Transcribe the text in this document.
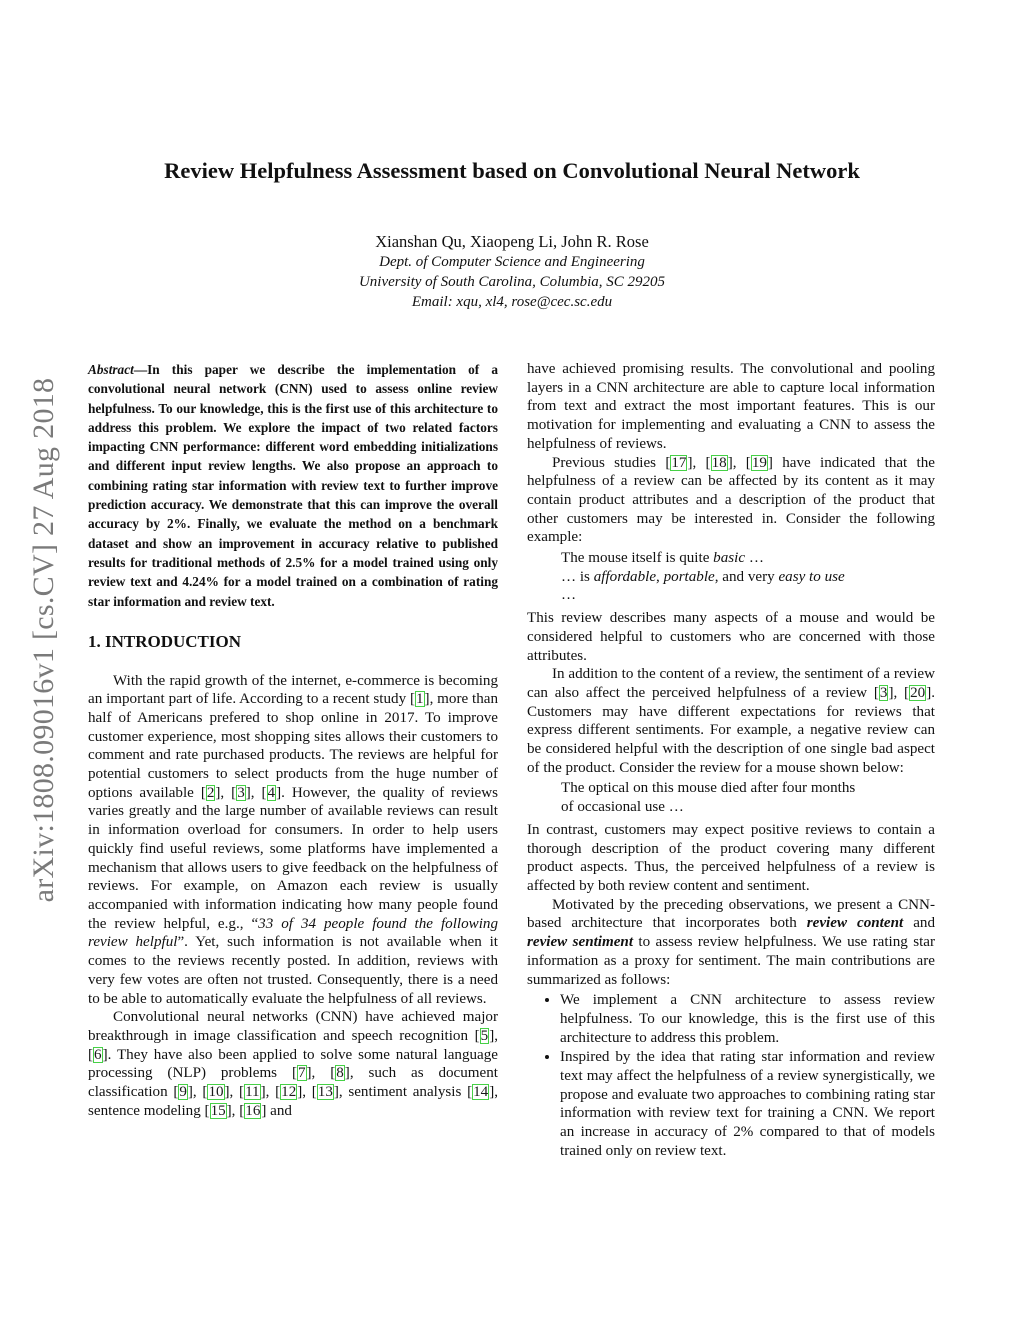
arXiv:1808.09016v1 [cs.CV] 27 Aug 2018
Review Helpfulness Assessment based on Convolutional Neural Network
Xianshan Qu, Xiaopeng Li, John R. Rose
Dept. of Computer Science and Engineering
University of South Carolina, Columbia, SC 29205
Email: xqu, xl4, rose@cec.sc.edu
Abstract—In this paper we describe the implementation of a convolutional neural network (CNN) used to assess online review helpfulness. To our knowledge, this is the first use of this architecture to address this problem. We explore the impact of two related factors impacting CNN performance: different word embedding initializations and different input review lengths. We also propose an approach to combining rating star information with review text to further improve prediction accuracy. We demonstrate that this can improve the overall accuracy by 2%. Finally, we evaluate the method on a benchmark dataset and show an improvement in accuracy relative to published results for traditional methods of 2.5% for a model trained using only review text and 4.24% for a model trained on a combination of rating star information and review text.
1. INTRODUCTION

With the rapid growth of the internet, e-commerce is becoming an important part of life. According to a recent study [1], more than half of Americans prefered to shop online in 2017. To improve customer experience, most shopping sites allows their customers to comment and rate purchased products. The reviews are helpful for potential customers to select products from the huge number of options available [2], [3], [4]. However, the quality of reviews varies greatly and the large number of available reviews can result in information overload for consumers. In order to help users quickly find useful reviews, some platforms have implemented a mechanism that allows users to give feedback on the helpfulness of reviews. For example, on Amazon each review is usually accompanied with information indicating how many people found the review helpful, e.g., “33 of 34 people found the following review helpful”. Yet, such information is not available when it comes to the reviews recently posted. In addition, reviews with very few votes are often not trusted. Consequently, there is a need to be able to automatically evaluate the helpfulness of all reviews.

Convolutional neural networks (CNN) have achieved major breakthrough in image classification and speech recognition [5], [6]. They have also been applied to solve some natural language processing (NLP) problems [7], [8], such as document classification [9], [10], [11], [12], [13], sentiment analysis [14], sentence modeling [15], [16] and

have achieved promising results. The convolutional and pooling layers in a CNN architecture are able to capture local information from text and extract the most important features. This is our motivation for implementing and evaluating a CNN to assess the helpfulness of reviews.

Previous studies [17], [18], [19] have indicated that the helpfulness of a review can be affected by its content as it may contain product attributes and a description of the product that other customers may be interested in. Consider the following example:

The mouse itself is quite basic …
… is affordable, portable, and very easy to use
…

This review describes many aspects of a mouse and would be considered helpful to customers who are concerned with those attributes.

In addition to the content of a review, the sentiment of a review can also affect the perceived helpfulness of a review [3], [20]. Customers may have different expectations for reviews that express different sentiments. For example, a negative review can be considered helpful with the description of one single bad aspect of the product. Consider the review for a mouse shown below:

The optical on this mouse died after four months
of occasional use …

In contrast, customers may expect positive reviews to contain a thorough description of the product covering many different product aspects. Thus, the perceived helpfulness of a review is affected by both review content and sentiment.

Motivated by the preceding observations, we present a CNN-based architecture that incorporates both review content and review sentiment to assess review helpfulness. We use rating star information as a proxy for sentiment. The main contributions are summarized as follows:

• We implement a CNN architecture to assess review helpfulness. To our knowledge, this is the first use of this architecture to address this problem.
• Inspired by the idea that rating star information and review text may affect the helpfulness of a review synergistically, we propose and evaluate two approaches to combining rating star information with review text for training a CNN. We report an increase in accuracy of 2% compared to that of models trained only on review text.
